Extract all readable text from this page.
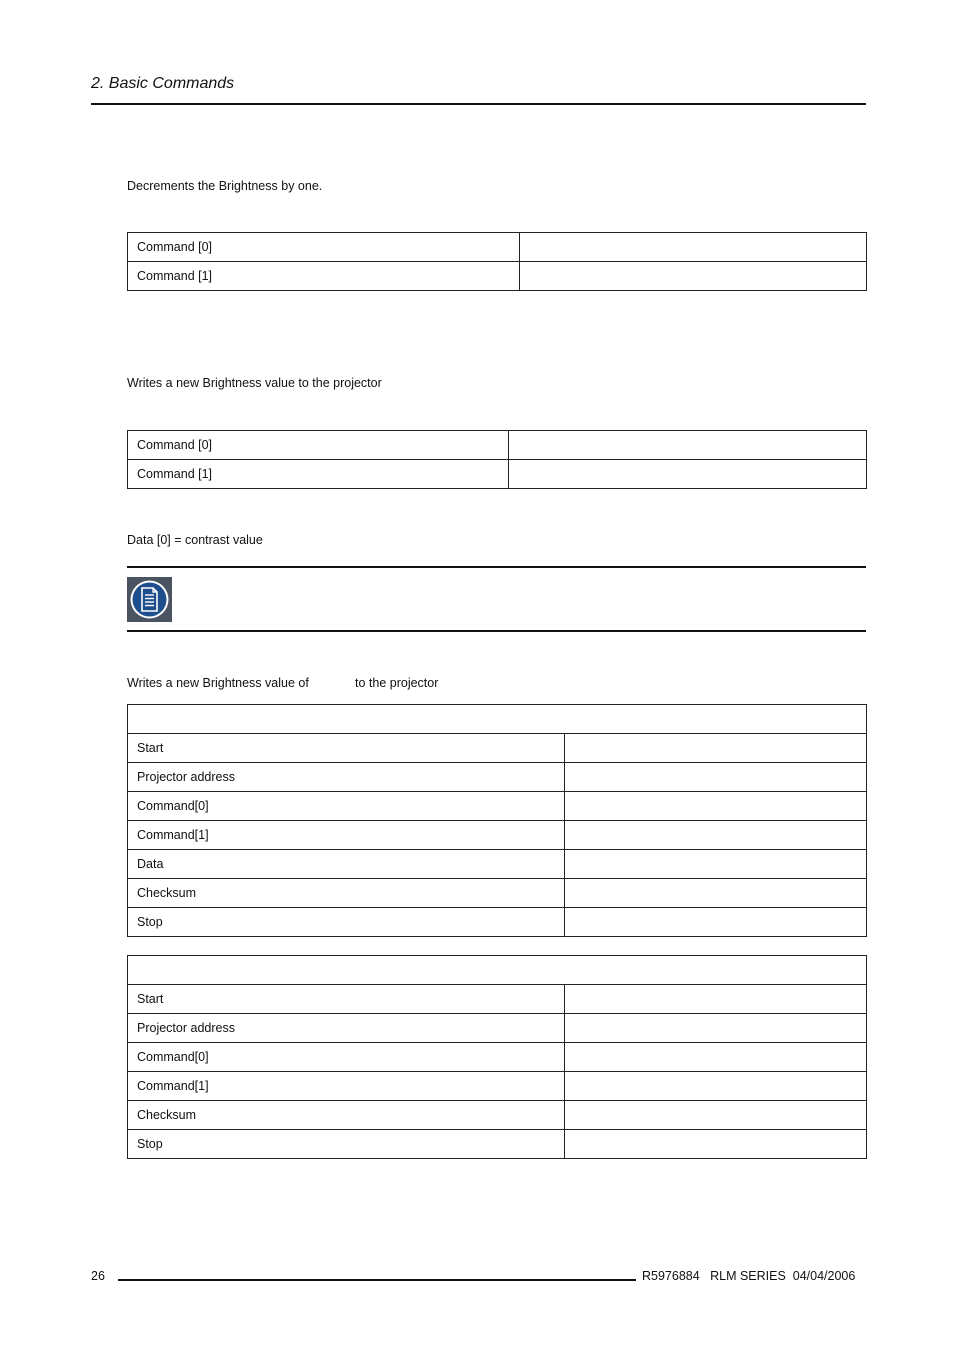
2. Basic Commands
Decrements the Brightness by one.
Command [0]	
Command [1]	
Writes a new Brightness value to the projector
Command [0]	
Command [1]	
Data [0] = contrast value
Writes a new Brightness value of	to the projector

Start	
Projector address	
Command[0]	
Command[1]	
Data	
Checksum	
Stop	

Start	
Projector address	
Command[0]	
Command[1]	
Checksum	
Stop	
26	R5976884   RLM SERIES  04/04/2006
